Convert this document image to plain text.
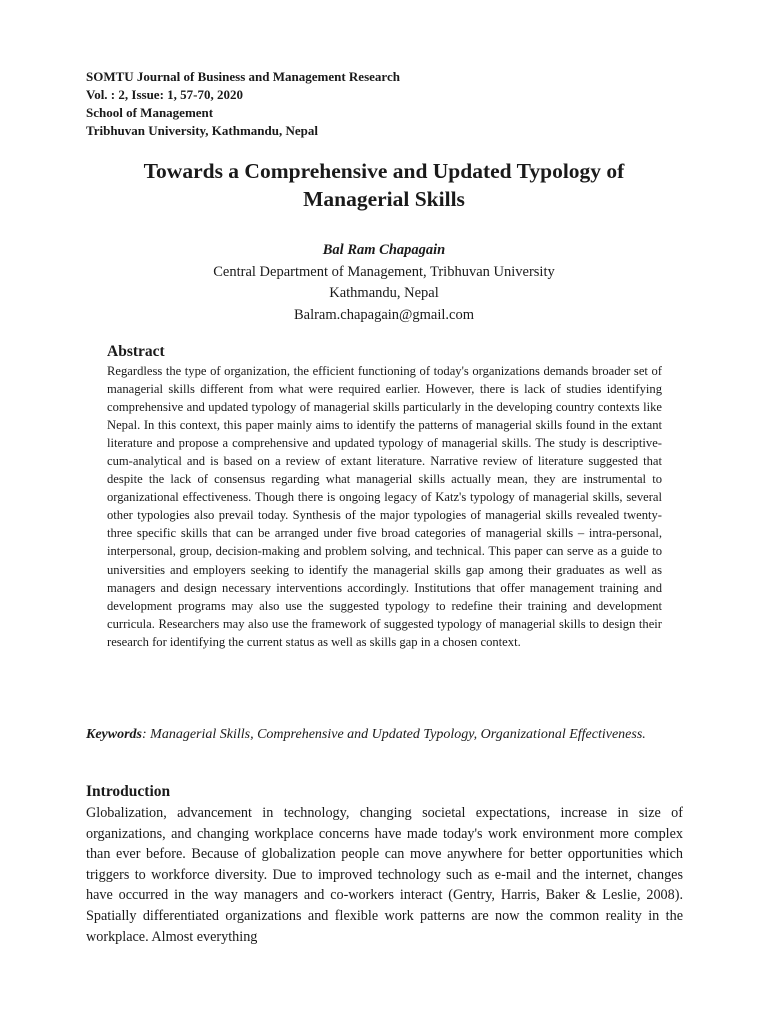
SOMTU Journal of Business and Management Research
Vol. : 2, Issue: 1, 57-70, 2020
School of Management
Tribhuvan University, Kathmandu, Nepal
Towards a Comprehensive and Updated Typology of
Managerial Skills
Bal Ram Chapagain
Central Department of Management, Tribhuvan University
Kathmandu, Nepal
Balram.chapagain@gmail.com
Abstract
Regardless the type of organization, the efficient functioning of today's organizations demands broader set of managerial skills different from what were required earlier. However, there is lack of studies identifying comprehensive and updated typology of managerial skills particularly in the developing country contexts like Nepal. In this context, this paper mainly aims to identify the patterns of managerial skills found in the extant literature and propose a comprehensive and updated typology of managerial skills. The study is descriptive-cum-analytical and is based on a review of extant literature. Narrative review of literature suggested that despite the lack of consensus regarding what managerial skills actually mean, they are instrumental to organizational effectiveness. Though there is ongoing legacy of Katz's typology of managerial skills, several other typologies also prevail today. Synthesis of the major typologies of managerial skills revealed twenty-three specific skills that can be arranged under five broad categories of managerial skills – intra-personal, interpersonal, group, decision-making and problem solving, and technical. This paper can serve as a guide to universities and employers seeking to identify the managerial skills gap among their graduates as well as managers and design necessary interventions accordingly. Institutions that offer management training and development programs may also use the suggested typology to redefine their training and development curricula. Researchers may also use the framework of suggested typology of managerial skills to design their research for identifying the current status as well as skills gap in a chosen context.
Keywords: Managerial Skills, Comprehensive and Updated Typology, Organizational Effectiveness.
Introduction
Globalization, advancement in technology, changing societal expectations, increase in size of organizations, and changing workplace concerns have made today's work environment more complex than ever before. Because of globalization people can move anywhere for better opportunities which triggers to workforce diversity. Due to improved technology such as e-mail and the internet, changes have occurred in the way managers and co-workers interact (Gentry, Harris, Baker & Leslie, 2008). Spatially differentiated organizations and flexible work patterns are now the common reality in the workplace. Almost everything
